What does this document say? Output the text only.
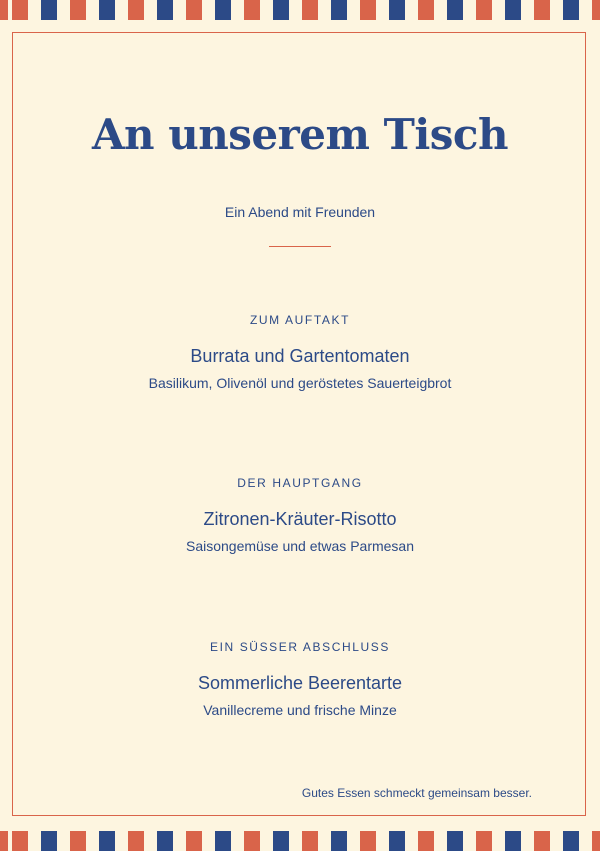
An unserem Tisch
Ein Abend mit Freunden
ZUM AUFTAKT
Burrata und Gartentomaten
Basilikum, Olivenöl und geröstetes Sauerteigbrot
DER HAUPTGANG
Zitronen-Kräuter-Risotto
Saisongemüse und etwas Parmesan
EIN SÜSSER ABSCHLUSS
Sommerliche Beerentarte
Vanillecreme und frische Minze
Gutes Essen schmeckt gemeinsam besser.
